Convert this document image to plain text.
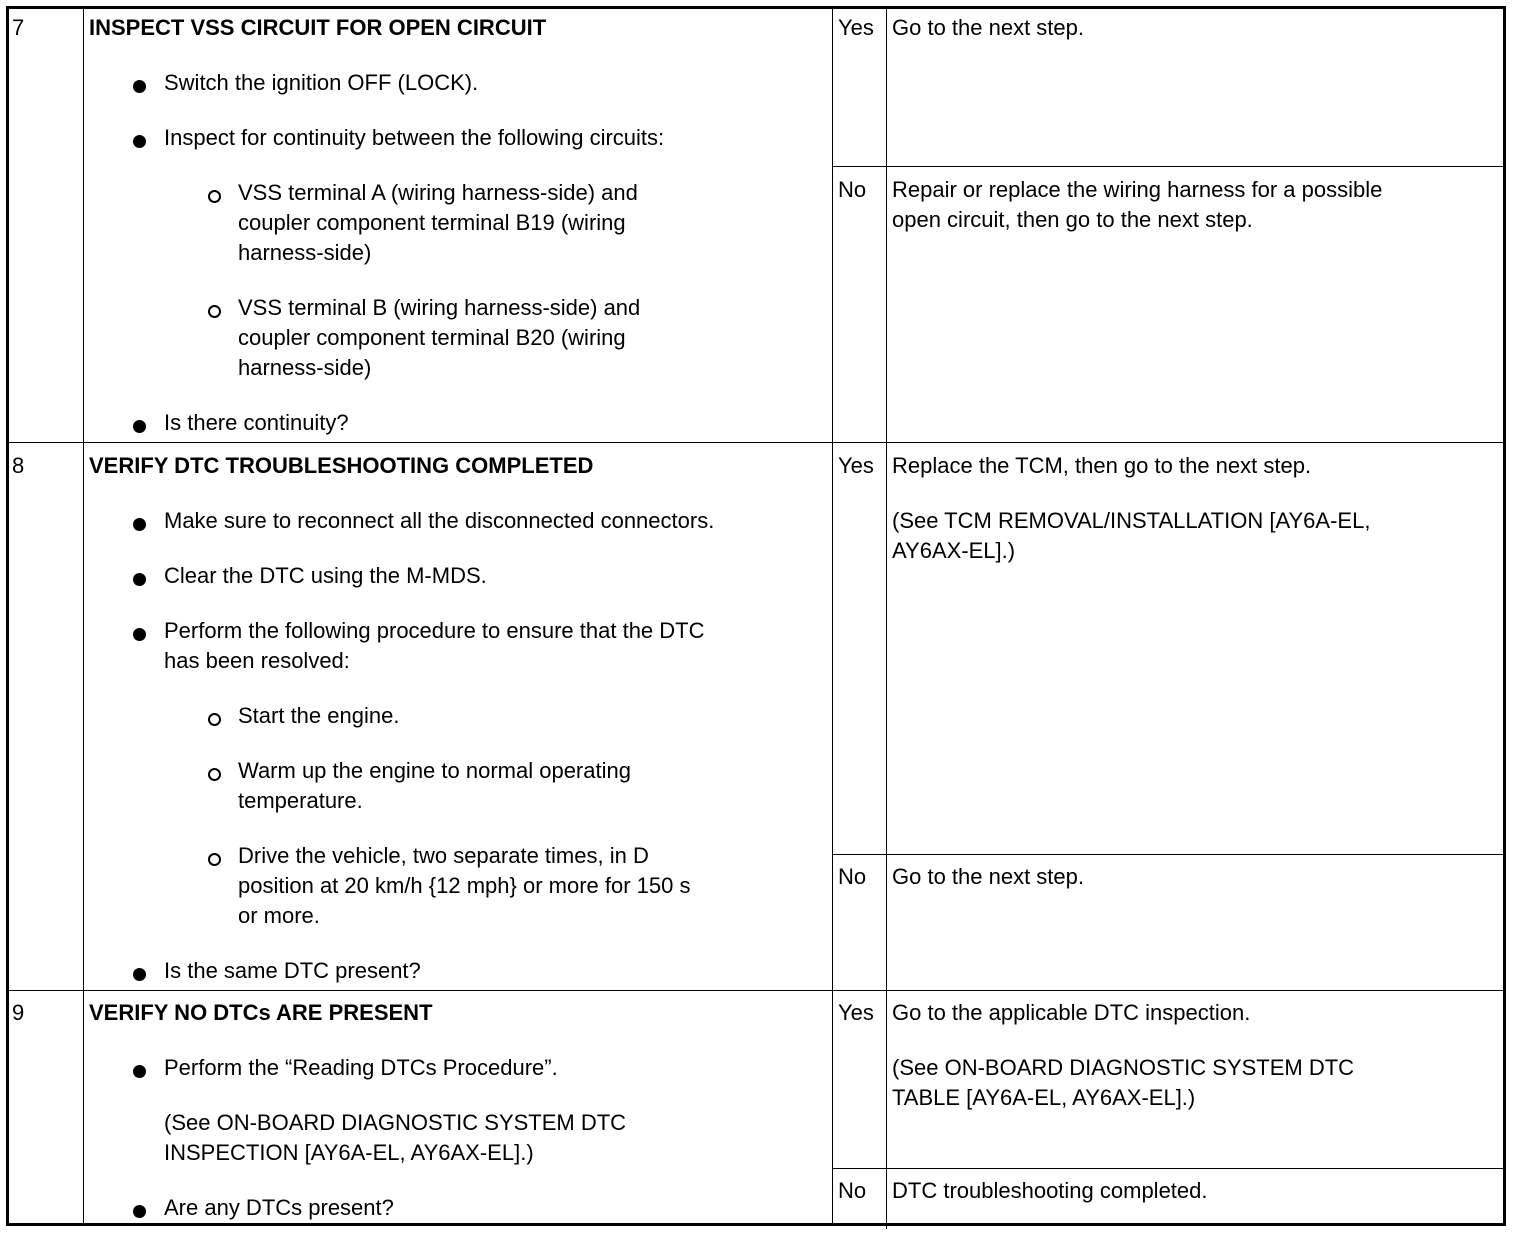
7	INSPECT VSS CIRCUIT FOR OPEN CIRCUIT
Switch the ignition OFF (LOCK).
Inspect for continuity between the following circuits:
VSS terminal A (wiring harness-side) and
coupler component terminal B19 (wiring
harness-side)
VSS terminal B (wiring harness-side) and
coupler component terminal B20 (wiring
harness-side)
Is there continuity?
Yes Go to the next step.
No Repair or replace the wiring harness for a possible
open circuit, then go to the next step.
8	VERIFY DTC TROUBLESHOOTING COMPLETED
Make sure to reconnect all the disconnected connectors.
Clear the DTC using the M-MDS.
Perform the following procedure to ensure that the DTC
has been resolved:
Start the engine.
Warm up the engine to normal operating
temperature.
Drive the vehicle, two separate times, in D
position at 20 km/h {12 mph} or more for 150 s
or more.
Is the same DTC present?
Yes Replace the TCM, then go to the next step.
(See TCM REMOVAL/INSTALLATION [AY6A-EL,
AY6AX-EL].)
No Go to the next step.
9	VERIFY NO DTCs ARE PRESENT
Perform the “Reading DTCs Procedure”.
(See ON-BOARD DIAGNOSTIC SYSTEM DTC
INSPECTION [AY6A-EL, AY6AX-EL].)
Are any DTCs present?
Yes Go to the applicable DTC inspection.
(See ON-BOARD DIAGNOSTIC SYSTEM DTC
TABLE [AY6A-EL, AY6AX-EL].)
No DTC troubleshooting completed.
